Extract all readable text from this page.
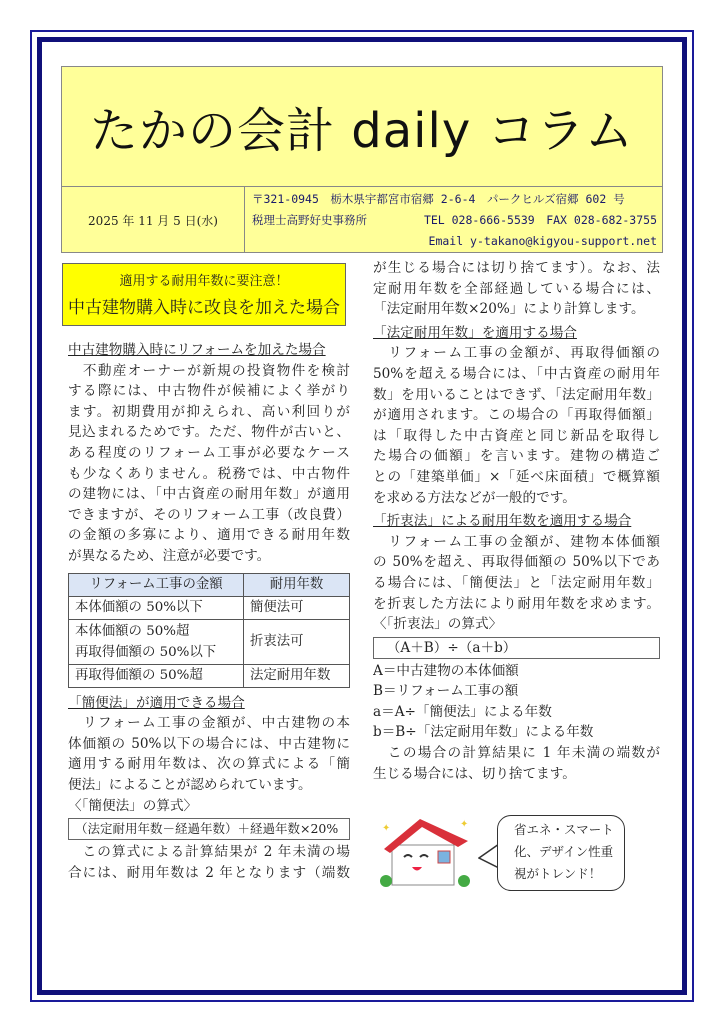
たかの会計 daily コラム
2025 年 11 月 5 日(水)
〒321-0945　栃木県宇都宮市宿郷 2-6-4　パークヒルズ宿郷 602 号
税理士高野好史事務所	TEL 028-666-5539　FAX 028-682-3755
Email y-takano@kigyou-support.net
適用する耐用年数に要注意！
中古建物購入時に改良を加えた場合
中古建物購入時にリフォームを加えた場合
　不動産オーナーが新規の投資物件を検討
する際には、中古物件が候補によく挙がり
ます。初期費用が抑えられ、高い利回りが
見込まれるためです。ただ、物件が古いと、
ある程度のリフォーム工事が必要なケース
も少なくありません。税務では、中古物件
の建物には、「中古資産の耐用年数」が適用
できますが、そのリフォーム工事（改良費）
の金額の多寡により、適用できる耐用年数
が異なるため、注意が必要です。
リフォーム工事の金額	耐用年数
本体価額の 50%以下	簡便法可
本体価額の 50%超
再取得価額の 50%以下	折衷法可
再取得価額の 50%超	法定耐用年数
「簡便法」が適用できる場合
　リフォーム工事の金額が、中古建物の本
体価額の 50%以下の場合には、中古建物に
適用する耐用年数は、次の算式による「簡
便法」によることが認められています。
〈「簡便法」の算式〉
（法定耐用年数－経過年数）＋経過年数×20%
　この算式による計算結果が 2 年未満の場
合には、耐用年数は 2 年となります（端数
が生じる場合には切り捨てます）。なお、法
定耐用年数を全部経過している場合には、
「法定耐用年数×20%」により計算します。
「法定耐用年数」を適用する場合
　リフォーム工事の金額が、再取得価額の
50%を超える場合には、「中古資産の耐用年
数」を用いることはできず、「法定耐用年数」
が適用されます。この場合の「再取得価額」
は「取得した中古資産と同じ新品を取得し
た場合の価額」を言います。建物の構造ご
との「建築単価」×「延べ床面積」で概算額
を求める方法などが一般的です。
「折衷法」による耐用年数を適用する場合
　リフォーム工事の金額が、建物本体価額
の 50%を超え、再取得価額の 50%以下であ
る場合には、「簡便法」と「法定耐用年数」
を折衷した方法により耐用年数を求めます。
〈「折衷法」の算式〉
　（A＋B）÷（a＋b）
A＝中古建物の本体価額
B＝リフォーム工事の額
a＝A÷「簡便法」による年数
b＝B÷「法定耐用年数」による年数
　この場合の計算結果に 1 年未満の端数が
生じる場合には、切り捨てます。
✦	✦	省エネ・スマート
化、デザイン性重
視がトレンド！
